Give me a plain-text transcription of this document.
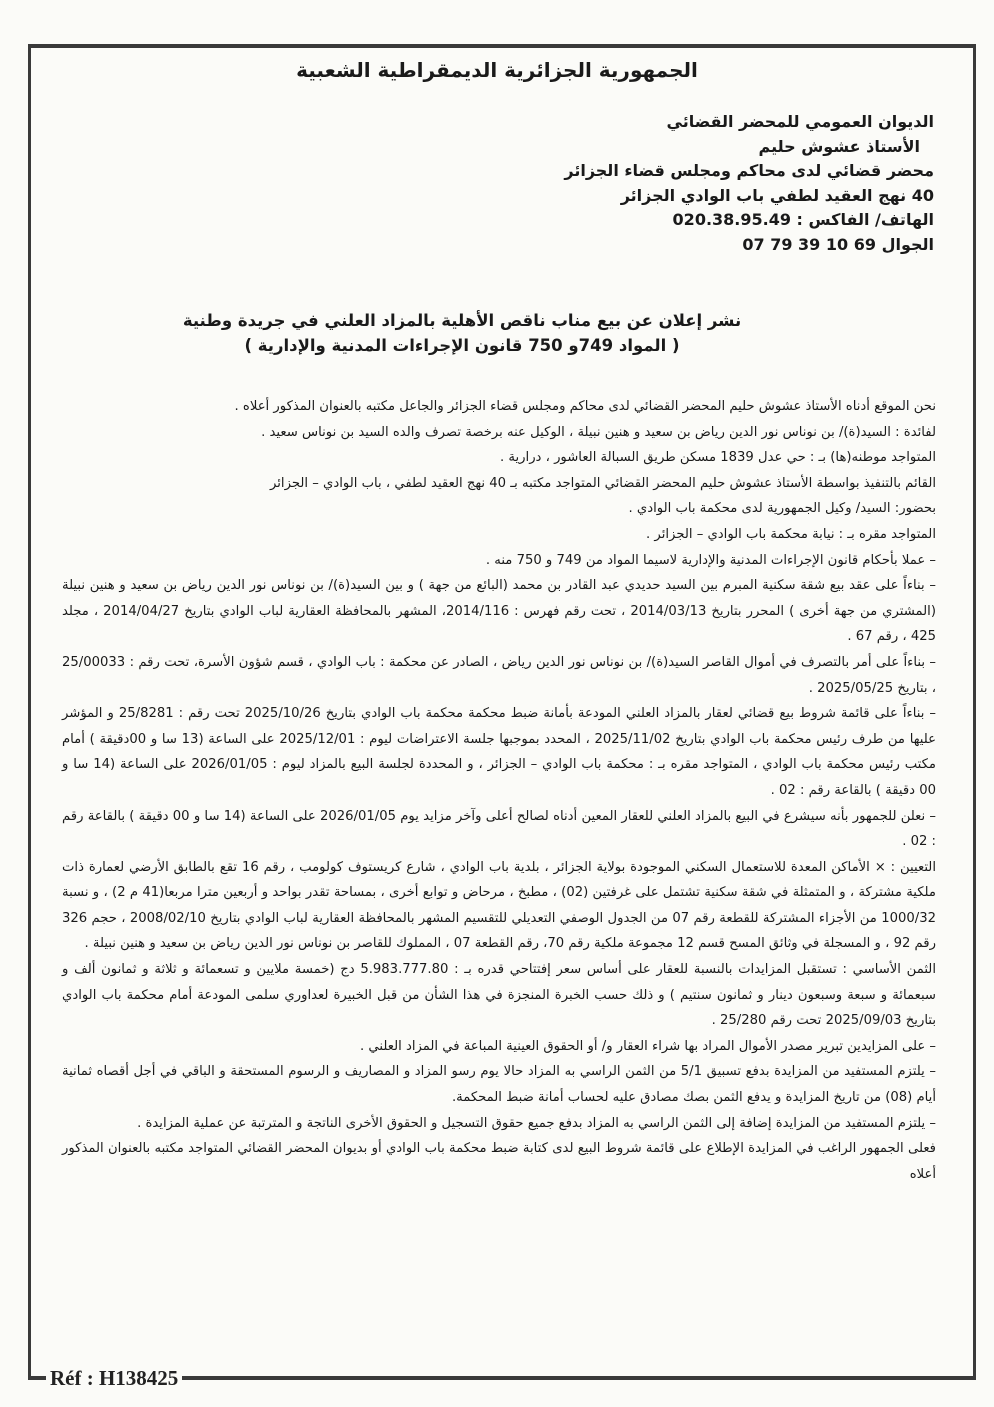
الجمهورية الجزائرية الديمقراطية الشعبية
الديوان العمومي للمحضر القضائي
الأستاذ عشوش حليم
محضر قضائي لدى محاكم ومجلس قضاء الجزائر
40 نهج العقيد لطفي باب الوادي الجزائر
الهاتف/ الفاكس : 020.38.95.49
الجوال 69 10 39 79 07
نشر إعلان عن بيع مناب ناقص الأهلية بالمزاد العلني في جريدة وطنية
( المواد 749و 750 قانون الإجراءات المدنية والإدارية )

نحن الموقع أدناه الأستاذ عشوش حليم المحضر القضائي لدى محاكم ومجلس قضاء الجزائر والجاعل مكتبه بالعنوان المذكور أعلاه .

لفائدة : السيد(ة)/ بن نوناس نور الدين رياض بن سعيد و هنين نبيلة ، الوكيل عنه برخصة تصرف والده السيد بن نوناس سعيد .

المتواجد موطنه(ها) بـ : حي عدل 1839 مسكن طريق السبالة العاشور ، درارية .

القائم بالتنفيذ بواسطة الأستاذ عشوش حليم المحضر القضائي المتواجد مكتبه بـ 40 نهج العقيد لطفي ، باب الوادي – الجزائر

بحضور: السيد/ وكيل الجمهورية لدى محكمة باب الوادي .

المتواجد مقره بـ : نيابة محكمة باب الوادي – الجزائر .

– عملا بأحكام قانون الإجراءات المدنية والإدارية لاسيما المواد من 749 و 750 منه .

– بناءاً على عقد بيع شقة سكنية المبرم بين السيد حديدي عبد القادر بن محمد (البائع من جهة ) و بين السيد(ة)/ بن نوناس نور الدين رياض بن سعيد و هنين نبيلة (المشتري من جهة أخرى ) المحرر بتاريخ 2014/03/13 ، تحت رقم فهرس : 2014/116، المشهر بالمحافظة العقارية لباب الوادي بتاريخ 2014/04/27 ، مجلد 425 ، رقم 67 .

– بناءاً على أمر بالتصرف في أموال القاصر السيد(ة)/ بن نوناس نور الدين رياض ، الصادر عن محكمة : باب الوادي ، قسم شؤون الأسرة، تحت رقم : 25/00033 ، بتاريخ 2025/05/25 .

– بناءاً على قائمة شروط بيع قضائي لعقار بالمزاد العلني المودعة بأمانة ضبط محكمة محكمة باب الوادي بتاريخ 2025/10/26 تحت رقم : 25/8281 و المؤشر عليها من طرف رئيس محكمة باب الوادي بتاريخ 2025/11/02 ، المحدد بموجبها جلسة الاعتراضات ليوم : 2025/12/01 على الساعة (13 سا و 00دقيقة ) أمام مكتب رئيس محكمة باب الوادي ، المتواجد مقره بـ : محكمة باب الوادي – الجزائر ، و المحددة لجلسة البيع بالمزاد ليوم : 2026/01/05 على الساعة (14 سا و 00 دقيقة ) بالقاعة رقم : 02 .

– نعلن للجمهور بأنه سيشرع في البيع بالمزاد العلني للعقار المعين أدناه لصالح أعلى وآخر مزايد يوم 2026/01/05 على الساعة (14 سا و 00 دقيقة ) بالقاعة رقم : 02 .

التعيين : × الأماكن المعدة للاستعمال السكني الموجودة بولاية الجزائر ، بلدية باب الوادي ، شارع كريستوف كولومب ، رقم 16 تقع بالطابق الأرضي لعمارة ذات ملكية مشتركة ، و المتمثلة في شقة سكنية تشتمل على غرفتين (02) ، مطبخ ، مرحاض و توابع أخرى ، بمساحة تقدر بواحد و أربعين مترا مربعا(41 م 2) ، و نسبة 1000/32 من الأجزاء المشتركة للقطعة رقم 07 من الجدول الوصفي التعديلي للتقسيم المشهر بالمحافظة العقارية لباب الوادي بتاريخ 2008/02/10 ، حجم 326 رقم 92 ، و المسجلة في وثائق المسح قسم 12 مجموعة ملكية رقم 70، رقم القطعة 07 ، المملوك للقاصر بن نوناس نور الدين رياض بن سعيد و هنين نبيلة .

الثمن الأساسي : تستقبل المزايدات بالنسبة للعقار على أساس سعر إفتتاحي قدره بـ : 5.983.777.80 دج (خمسة ملايين و تسعمائة و ثلاثة و ثمانون ألف و سبعمائة و سبعة وسبعون دينار و ثمانون سنتيم ) و ذلك حسب الخبرة المنجزة في هذا الشأن من قبل الخبيرة لعداوري سلمى المودعة أمام محكمة باب الوادي بتاريخ 2025/09/03 تحت رقم 25/280 .

– على المزايدين تبرير مصدر الأموال المراد بها شراء العقار و/ أو الحقوق العينية المباعة في المزاد العلني .

– يلتزم المستفيد من المزايدة بدفع تسبيق 5/1 من الثمن الراسي به المزاد حالا يوم رسو المزاد و المصاريف و الرسوم المستحقة و الباقي في أجل أقصاه ثمانية أيام (08) من تاريخ المزايدة و يدفع الثمن بصك مصادق عليه لحساب أمانة ضبط المحكمة.

– يلتزم المستفيد من المزايدة إضافة إلى الثمن الراسي به المزاد بدفع جميع حقوق التسجيل و الحقوق الأخرى الناتجة و المترتبة عن عملية المزايدة .

فعلى الجمهور الراغب في المزايدة الإطلاع على قائمة شروط البيع لدى كتابة ضبط محكمة باب الوادي أو بديوان المحضر القضائي المتواجد مكتبه بالعنوان المذكور أعلاه

Réf : H138425
